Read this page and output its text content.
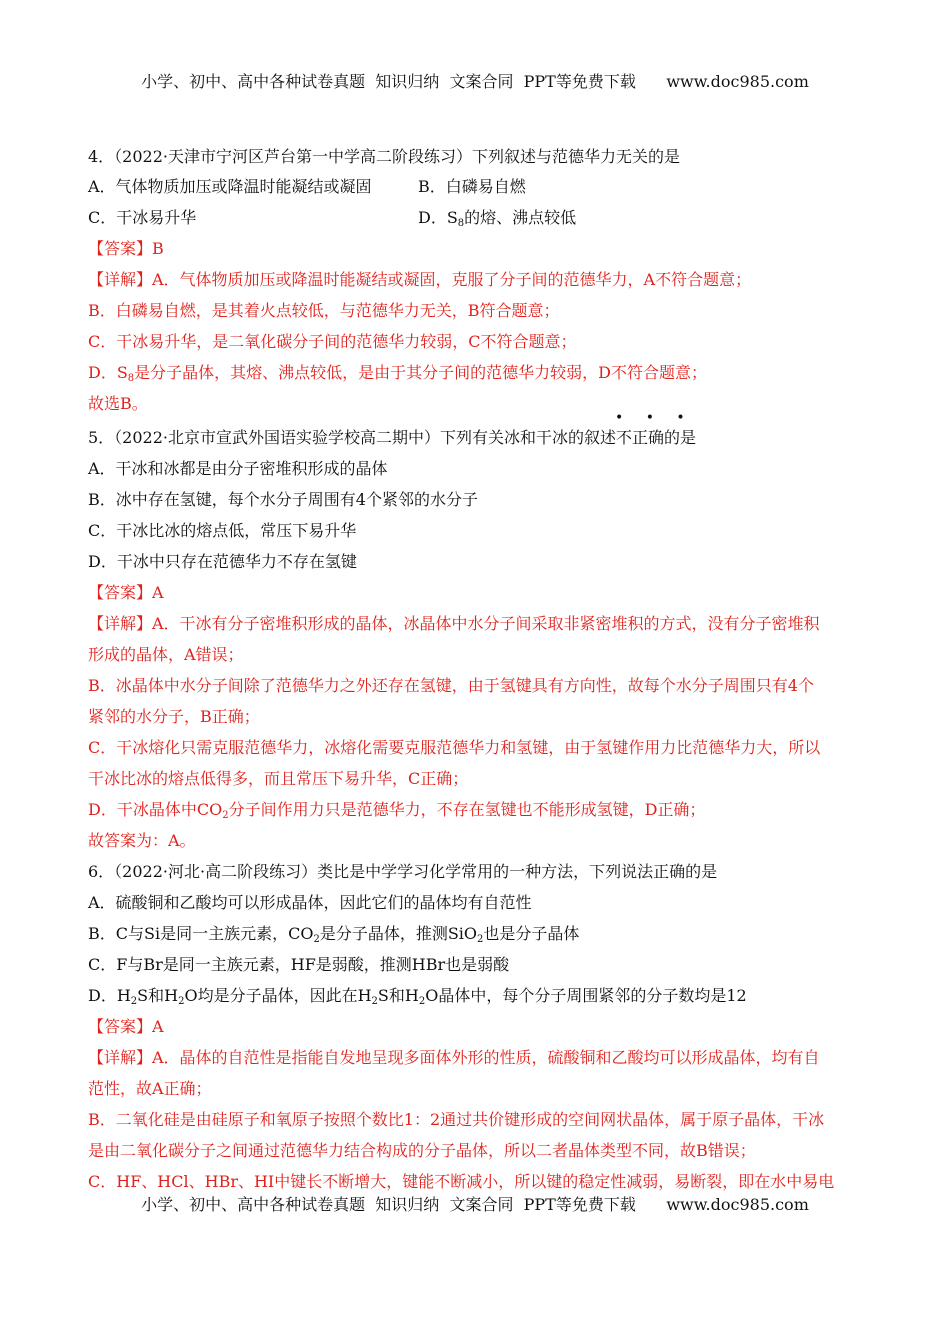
小学、初中、高中各种试卷真题  知识归纳  文案合同  PPT等免费下载      www.doc985.com
4．（2022·天津市宁河区芦台第一中学高二阶段练习）下列叙述与范德华力无关的是
A．气体物质加压或降温时能凝结或凝固	B．白磷易自燃
C．干冰易升华	D．$S_8$的熔、沸点较低
【答案】B
【详解】A．气体物质加压或降温时能凝结或凝固，克服了分子间的范德华力，A不符合题意；
B．白磷易自燃，是其着火点较低，与范德华力无关，B符合题意；
C．干冰易升华，是二氧化碳分子间的范德华力较弱，C不符合题意；
D．$S_8$是分子晶体，其熔、沸点较低，是由于其分子间的范德华力较弱，D不符合题意；
故选B。
• • •
5．（2022·北京市宣武外国语实验学校高二期中）下列有关冰和干冰的叙述不正确的是
A．干冰和冰都是由分子密堆积形成的晶体
B．冰中存在氢键，每个水分子周围有4个紧邻的水分子
C．干冰比冰的熔点低，常压下易升华
D．干冰中只存在范德华力不存在氢键
【答案】A
【详解】A．干冰有分子密堆积形成的晶体，冰晶体中水分子间采取非紧密堆积的方式，没有分子密堆积
形成的晶体，A错误；
B．冰晶体中水分子间除了范德华力之外还存在氢键，由于氢键具有方向性，故每个水分子周围只有4个
紧邻的水分子，B正确；
C．干冰熔化只需克服范德华力，冰熔化需要克服范德华力和氢键，由于氢键作用力比范德华力大，所以
干冰比冰的熔点低得多，而且常压下易升华，C正确；
D．干冰晶体中$CO_2$分子间作用力只是范德华力，不存在氢键也不能形成氢键，D正确；
故答案为：A。
6．（2022·河北·高二阶段练习）类比是中学学习化学常用的一种方法，下列说法正确的是
A．硫酸铜和乙酸均可以形成晶体，因此它们的晶体均有自范性
B．C与Si是同一主族元素，$CO_2$是分子晶体，推测SiO$_2$也是分子晶体
C．F与Br是同一主族元素，HF是弱酸，推测HBr也是弱酸
D．$H_2S$和$H_2O$均是分子晶体，因此在$H_2S$和$H_2O$晶体中，每个分子周围紧邻的分子数均是12
【答案】A
【详解】A．晶体的自范性是指能自发地呈现多面体外形的性质，硫酸铜和乙酸均可以形成晶体，均有自
范性，故A正确；
B．二氧化硅是由硅原子和氧原子按照个数比1：2通过共价键形成的空间网状晶体，属于原子晶体，干冰
是由二氧化碳分子之间通过范德华力结合构成的分子晶体，所以二者晶体类型不同，故B错误；
C．HF、HCl、HBr、HI中键长不断增大，键能不断减小，所以键的稳定性减弱，易断裂，即在水中易电
小学、初中、高中各种试卷真题  知识归纳  文案合同  PPT等免费下载      www.doc985.com
